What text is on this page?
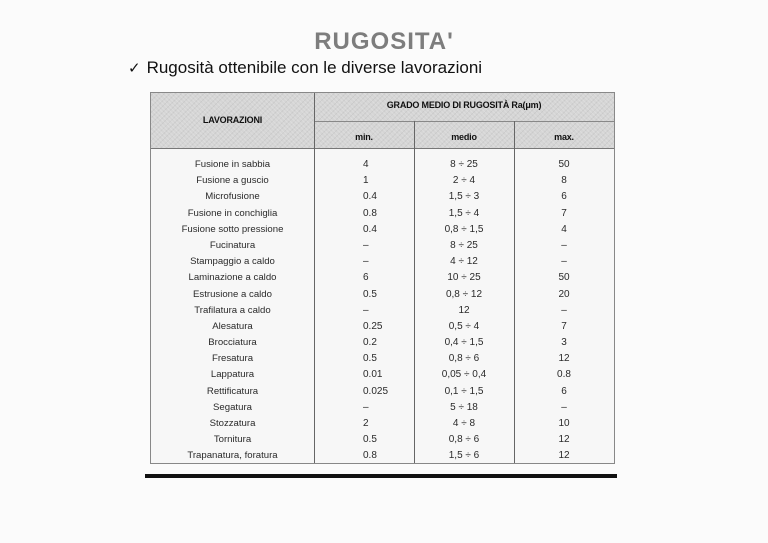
RUGOSITA'
✓ Rugosità ottenibile con le diverse lavorazioni
LAVORAZIONI
GRADO MEDIO DI RUGOSITÀ Ra(μm)
min.	medio	max.
Fusione in sabbia	4	8 ÷ 25	50
Fusione a guscio	1	2 ÷ 4	8
Microfusione	0.4	1,5 ÷ 3	6
Fusione in conchiglia	0.8	1,5 ÷ 4	7
Fusione sotto pressione	0.4	0,8 ÷ 1,5	4
Fucinatura	–	8 ÷ 25	–
Stampaggio a caldo	–	4 ÷ 12	–
Laminazione a caldo	6	10 ÷ 25	50
Estrusione a caldo	0.5	0,8 ÷ 12	20
Trafilatura a caldo	–	12	–
Alesatura	0.25	0,5 ÷ 4	7
Brocciatura	0.2	0,4 ÷ 1,5	3
Fresatura	0.5	0,8 ÷ 6	12
Lappatura	0.01	0,05 ÷ 0,4	0.8
Rettificatura	0.025	0,1 ÷ 1,5	6
Segatura	–	5 ÷ 18	–
Stozzatura	2	4 ÷ 8	10
Tornitura	0.5	0,8 ÷ 6	12
Trapanatura, foratura	0.8	1,5 ÷ 6	12
